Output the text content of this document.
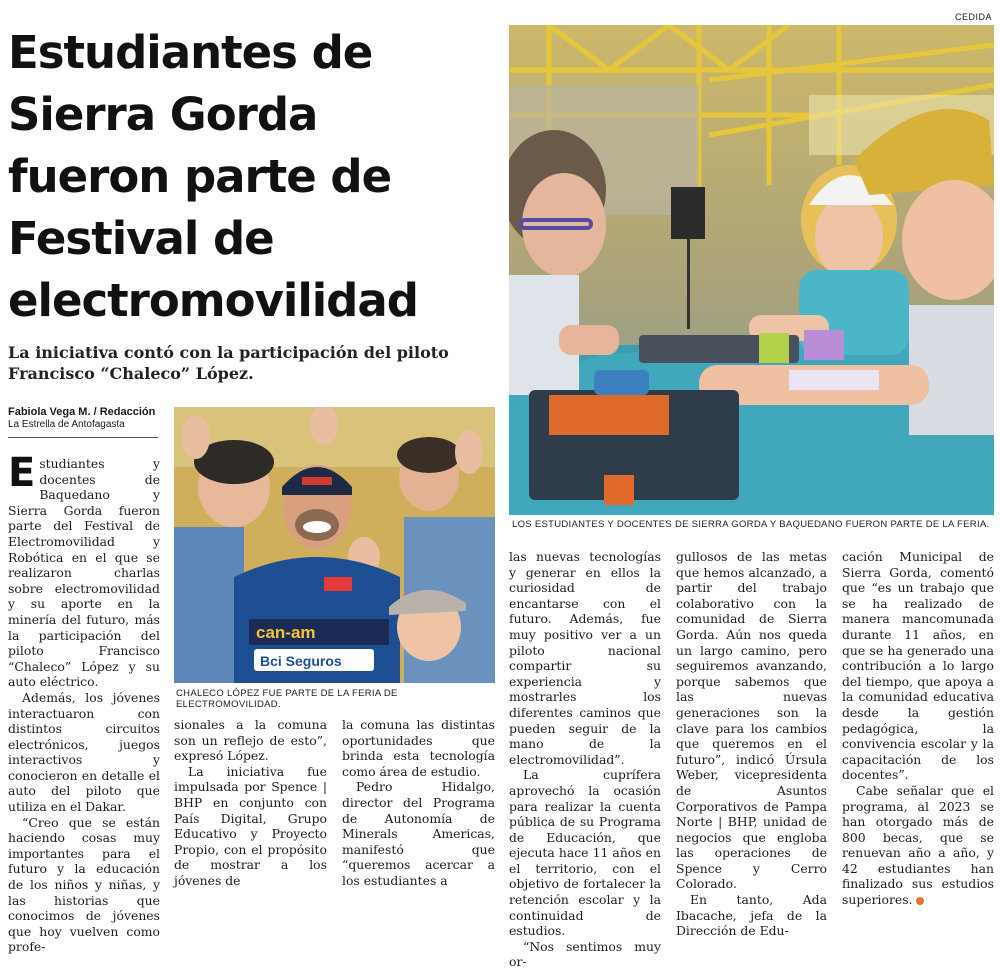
CEDIDA
Estudiantes de Sierra Gorda fueron parte de Festival de electromovilidad

La iniciativa contó con la participación del piloto Francisco “Chaleco” López.

Fabiola Vega M. / Redacción
La Estrella de Antofagasta
LOS ESTUDIANTES Y DOCENTES DE SIERRA GORDA Y BAQUEDANO FUERON PARTE DE LA FERIA.
can-am
Bci Seguros
CHALECO LÓPEZ FUE PARTE DE LA FERIA DE ELECTROMOVILIDAD.

Estudiantes y docentes de Baquedano y Sierra Gorda fueron parte del Festival de Electromovilidad y Robótica en el que se realizaron charlas sobre electromovilidad y su aporte en la minería del futuro, más la participación del piloto Francisco “Chaleco” López y su auto eléctrico.

Además, los jóvenes interactuaron con distintos circuitos electrónicos, juegos interactivos y conocieron en detalle el auto del piloto que utiliza en el Dakar.

“Creo que se están haciendo cosas muy importantes para el futuro y la educación de los niños y niñas, y las historias que conocimos de jóvenes que hoy vuelven como profe-

sionales a la comuna son un reflejo de esto”, expresó López.

La iniciativa fue impulsada por Spence | BHP en conjunto con País Digital, Grupo Educativo y Proyecto Propio, con el propósito de mostrar a los jóvenes de

la comuna las distintas oportunidades que brinda esta tecnología como área de estudio.

Pedro Hidalgo, director del Programa de Autonomía de Minerals Americas, manifestó que “queremos acercar a los estudiantes a

las nuevas tecnologías y generar en ellos la curiosidad de encantarse con el futuro. Además, fue muy positivo ver a un piloto nacional compartir su experiencia y mostrarles los diferentes caminos que pueden seguir de la mano de la electromovilidad”.

La cuprífera aprovechó la ocasión para realizar la cuenta pública de su Programa de Educación, que ejecuta hace 11 años en el territorio, con el objetivo de fortalecer la retención escolar y la continuidad de estudios.

“Nos sentimos muy or-

gullosos de las metas que hemos alcanzado, a partir del trabajo colaborativo con la comunidad de Sierra Gorda. Aún nos queda un largo camino, pero seguiremos avanzando, porque sabemos que las nuevas generaciones son la clave para los cambios que queremos en el futuro”, indicó Úrsula Weber, vicepresidenta de Asuntos Corporativos de Pampa Norte | BHP, unidad de negocios que engloba las operaciones de Spence y Cerro Colorado.

En tanto, Ada Ibacache, jefa de la Dirección de Edu-

cación Municipal de Sierra Gorda, comentó que “es un trabajo que se ha realizado de manera mancomunada durante 11 años, en que se ha generado una contribución a lo largo del tiempo, que apoya a la comunidad educativa desde la gestión pedagógica, la convivencia escolar y la capacitación de los docentes”.

Cabe señalar que el programa, al 2023 se han otorgado más de 800 becas, que se renuevan año a año, y 42 estudiantes han finalizado sus estudios superiores.
